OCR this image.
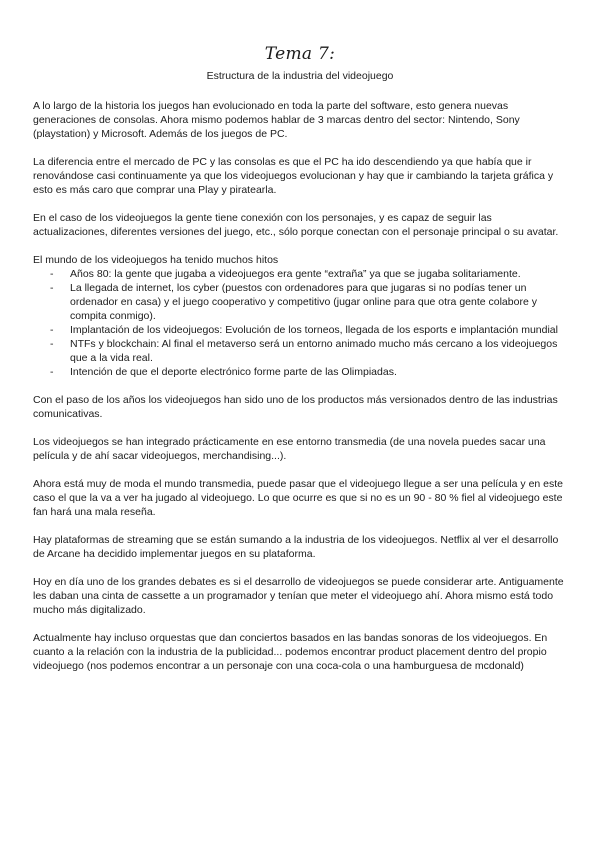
Tema 7:
Estructura de la industria del videojuego

A lo largo de la historia los juegos han evolucionado en toda la parte del software, esto genera nuevas generaciones de consolas. Ahora mismo podemos hablar de 3 marcas dentro del sector: Nintendo, Sony (playstation) y Microsoft. Además de los juegos de PC.

La diferencia entre el mercado de PC y las consolas es que el PC ha ido descendiendo ya que había que ir renovándose casi continuamente ya que los videojuegos evolucionan y hay que ir cambiando la tarjeta gráfica y esto es más caro que comprar una Play y piratearla.

En el caso de los videojuegos la gente tiene conexión con los personajes, y es capaz de seguir las actualizaciones, diferentes versiones del juego, etc., sólo porque conectan con el personaje principal o su avatar.

El mundo de los videojuegos ha tenido muchos hitos

- Años 80: la gente que jugaba a videojuegos era gente “extraña” ya que se jugaba solitariamente.
- La llegada de internet, los cyber (puestos con ordenadores para que jugaras si no podías tener un ordenador en casa) y el juego cooperativo y competitivo (jugar online para que otra gente colabore y compita conmigo).
- Implantación de los videojuegos: Evolución de los torneos, llegada de los esports e implantación mundial
- NTFs y blockchain: Al final el metaverso será un entorno animado mucho más cercano a los videojuegos que a la vida real.
- Intención de que el deporte electrónico forme parte de las Olimpiadas.

Con el paso de los años los videojuegos han sido uno de los productos más versionados dentro de las industrias comunicativas.

Los videojuegos se han integrado prácticamente en ese entorno transmedia (de una novela puedes sacar una película y de ahí sacar videojuegos, merchandising...).

Ahora está muy de moda el mundo transmedia, puede pasar que el videojuego llegue a ser una película y en este caso el que la va a ver ha jugado al videojuego. Lo que ocurre es que si no es un 90 - 80 % fiel al videojuego este fan hará una mala reseña.

Hay plataformas de streaming que se están sumando a la industria de los videojuegos. Netflix al ver el desarrollo de Arcane ha decidido implementar juegos en su plataforma.

Hoy en día uno de los grandes debates es si el desarrollo de videojuegos se puede considerar arte. Antiguamente les daban una cinta de cassette a un programador y tenían que meter el videojuego ahí. Ahora mismo está todo mucho más digitalizado.

Actualmente hay incluso orquestas que dan conciertos basados en las bandas sonoras de los videojuegos. En cuanto a la relación con la industria de la publicidad... podemos encontrar product placement dentro del propio videojuego (nos podemos encontrar a un personaje con una coca-cola o una hamburguesa de mcdonald)
